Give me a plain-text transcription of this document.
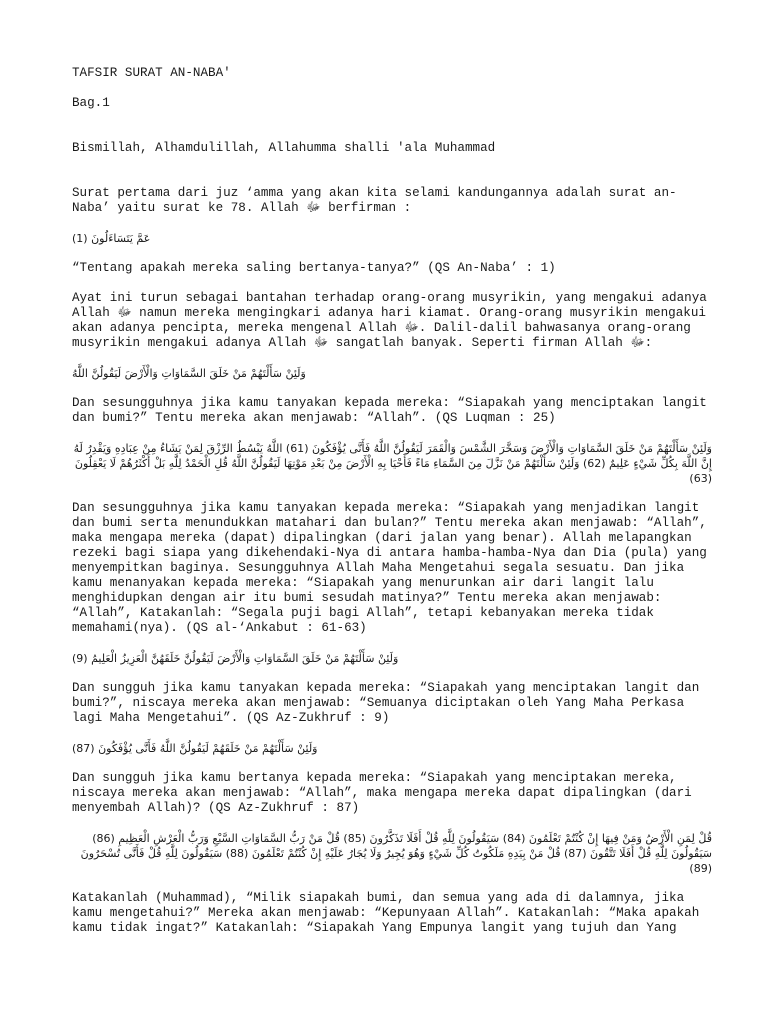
TAFSIR SURAT AN-NABA'

Bag.1

Bismillah, Alhamdulillah, Allahumma shalli 'ala Muhammad

Surat pertama dari juz ‘amma yang akan kita selami kandungannya adalah surat an-Naba’ yaitu surat ke 78. Allah ﷻ berfirman :

عَمَّ يَتَسَاءَلُونَ (1)

“Tentang apakah mereka saling bertanya-tanya?” (QS An-Naba’ : 1)

Ayat ini turun sebagai bantahan terhadap orang-orang musyrikin, yang mengakui adanya Allah ﷻ namun mereka mengingkari adanya hari kiamat. Orang-orang musyrikin mengakui akan adanya pencipta, mereka mengenal Allah ﷻ. Dalil-dalil bahwasanya orang-orang musyrikin mengakui adanya Allah ﷻ sangatlah banyak. Seperti firman Allah ﷻ:

وَلَئِنْ سَأَلْتَهُمْ مَنْ خَلَقَ السَّمَاوَاتِ وَالْأَرْضَ لَيَقُولُنَّ اللَّهُ

Dan sesungguhnya jika kamu tanyakan kepada mereka: “Siapakah yang menciptakan langit dan bumi?” Tentu mereka akan menjawab: “Allah”. (QS Luqman : 25)

وَلَئِنْ سَأَلْتَهُمْ مَنْ خَلَقَ السَّمَاوَاتِ وَالْأَرْضَ وَسَخَّرَ الشَّمْسَ وَالْقَمَرَ لَيَقُولُنَّ اللَّهُ فَأَنَّى يُؤْفَكُونَ (61) اللَّهُ يَبْسُطُ الرِّزْقَ لِمَنْ يَشَاءُ مِنْ عِبَادِهِ وَيَقْدِرُ لَهُ إِنَّ اللَّهَ بِكُلِّ شَيْءٍ عَلِيمٌ (62) وَلَئِنْ سَأَلْتَهُمْ مَنْ نَزَّلَ مِنَ السَّمَاءِ مَاءً فَأَحْيَا بِهِ الْأَرْضَ مِنْ بَعْدِ مَوْتِهَا لَيَقُولُنَّ اللَّهُ قُلِ الْحَمْدُ لِلَّهِ بَلْ أَكْثَرُهُمْ لَا يَعْقِلُونَ (63)

Dan sesungguhnya jika kamu tanyakan kepada mereka: “Siapakah yang menjadikan langit dan bumi serta menundukkan matahari dan bulan?” Tentu mereka akan menjawab: “Allah”, maka mengapa mereka (dapat) dipalingkan (dari jalan yang benar). Allah melapangkan rezeki bagi siapa yang dikehendaki-Nya di antara hamba-hamba-Nya dan Dia (pula) yang menyempitkan baginya. Sesungguhnya Allah Maha Mengetahui segala sesuatu. Dan jika kamu menanyakan kepada mereka: “Siapakah yang menurunkan air dari langit lalu menghidupkan dengan air itu bumi sesudah matinya?” Tentu mereka akan menjawab: “Allah”, Katakanlah: “Segala puji bagi Allah”, tetapi kebanyakan mereka tidak memahami(nya). (QS al-‘Ankabut : 61-63)

وَلَئِنْ سَأَلْتَهُمْ مَنْ خَلَقَ السَّمَاوَاتِ وَالْأَرْضَ لَيَقُولُنَّ خَلَقَهُنَّ الْعَزِيزُ الْعَلِيمُ (9)

Dan sungguh jika kamu tanyakan kepada mereka: “Siapakah yang menciptakan langit dan bumi?”, niscaya mereka akan menjawab: “Semuanya diciptakan oleh Yang Maha Perkasa lagi Maha Mengetahui”. (QS Az-Zukhruf : 9)

وَلَئِنْ سَأَلْتَهُمْ مَنْ خَلَقَهُمْ لَيَقُولُنَّ اللَّهُ فَأَنَّى يُؤْفَكُونَ (87)

Dan sungguh jika kamu bertanya kepada mereka: “Siapakah yang menciptakan mereka, niscaya mereka akan menjawab: “Allah”, maka mengapa mereka dapat dipalingkan (dari menyembah Allah)? (QS Az-Zukhruf : 87)

قُلْ لِمَنِ الْأَرْضُ وَمَنْ فِيهَا إِنْ كُنْتُمْ تَعْلَمُونَ (84) سَيَقُولُونَ لِلَّهِ قُلْ أَفَلَا تَذَكَّرُونَ (85) قُلْ مَنْ رَبُّ السَّمَاوَاتِ السَّبْعِ وَرَبُّ الْعَرْشِ الْعَظِيمِ (86) سَيَقُولُونَ لِلَّهِ قُلْ أَفَلَا تَتَّقُونَ (87) قُلْ مَنْ بِيَدِهِ مَلَكُوتُ كُلِّ شَيْءٍ وَهُوَ يُجِيرُ وَلَا يُجَارُ عَلَيْهِ إِنْ كُنْتُمْ تَعْلَمُونَ (88) سَيَقُولُونَ لِلَّهِ قُلْ فَأَنَّى تُسْحَرُونَ (89)

Katakanlah (Muhammad), “Milik siapakah bumi, dan semua yang ada di dalamnya, jika kamu mengetahui?” Mereka akan menjawab: “Kepunyaan Allah”. Katakanlah: “Maka apakah kamu tidak ingat?” Katakanlah: “Siapakah Yang Empunya langit yang tujuh dan Yang
